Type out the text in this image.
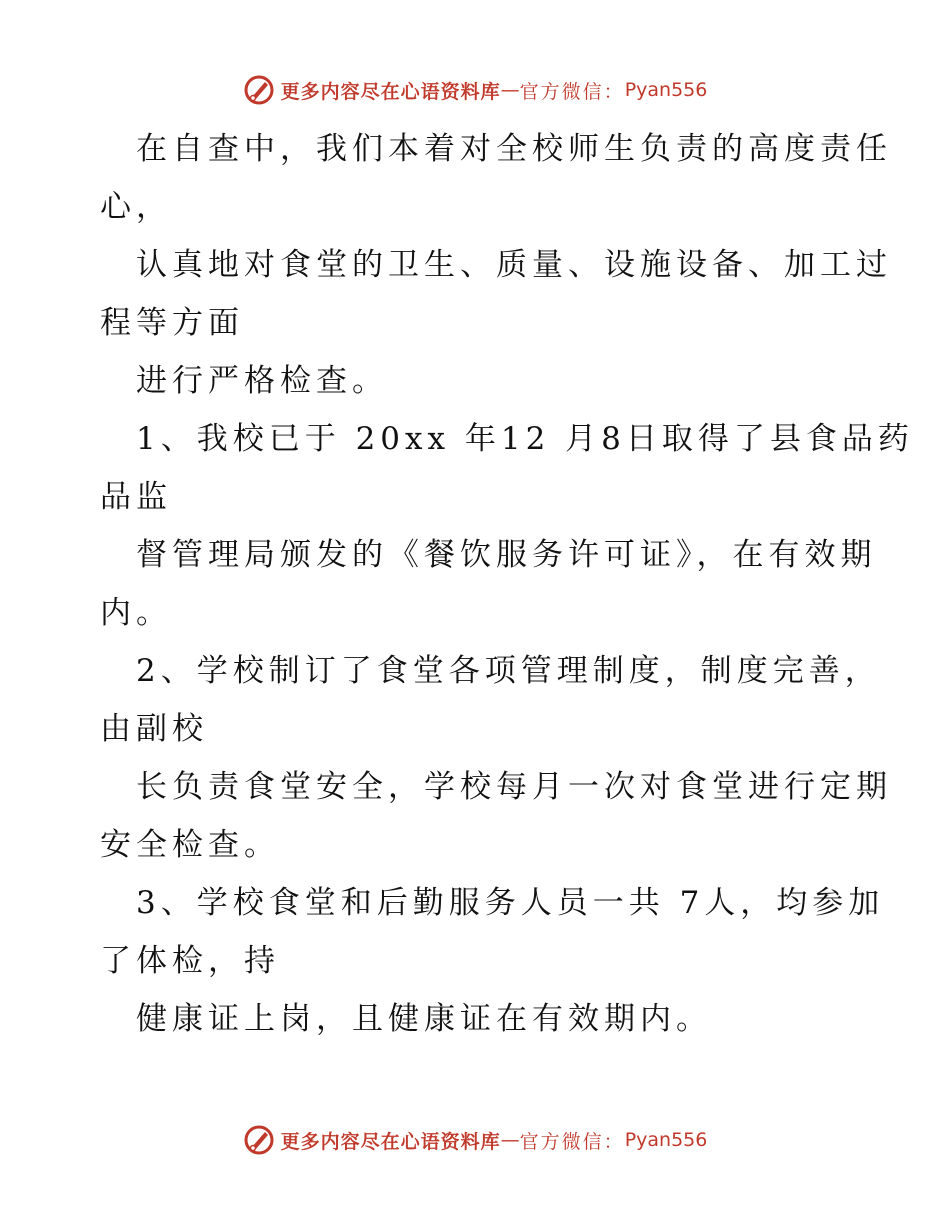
更多内容尽在心语资料库 — 官方微信： Pyan556
在自查中，我们本着对全校师生负责的高度责任
心，
认真地对食堂的卫生、质量、设施设备、加工过
程等方面
进行严格检查。
1、我校已于 20xx 年12 月8日取得了县食品药
品监
督管理局颁发的《餐饮服务许可证》，在有效期
内。
2、学校制订了食堂各项管理制度，制度完善，
由副校
长负责食堂安全，学校每月一次对食堂进行定期
安全检查。
3、学校食堂和后勤服务人员一共 7人，均参加
了体检，持
健康证上岗，且健康证在有效期内。
更多内容尽在心语资料库 — 官方微信： Pyan556
